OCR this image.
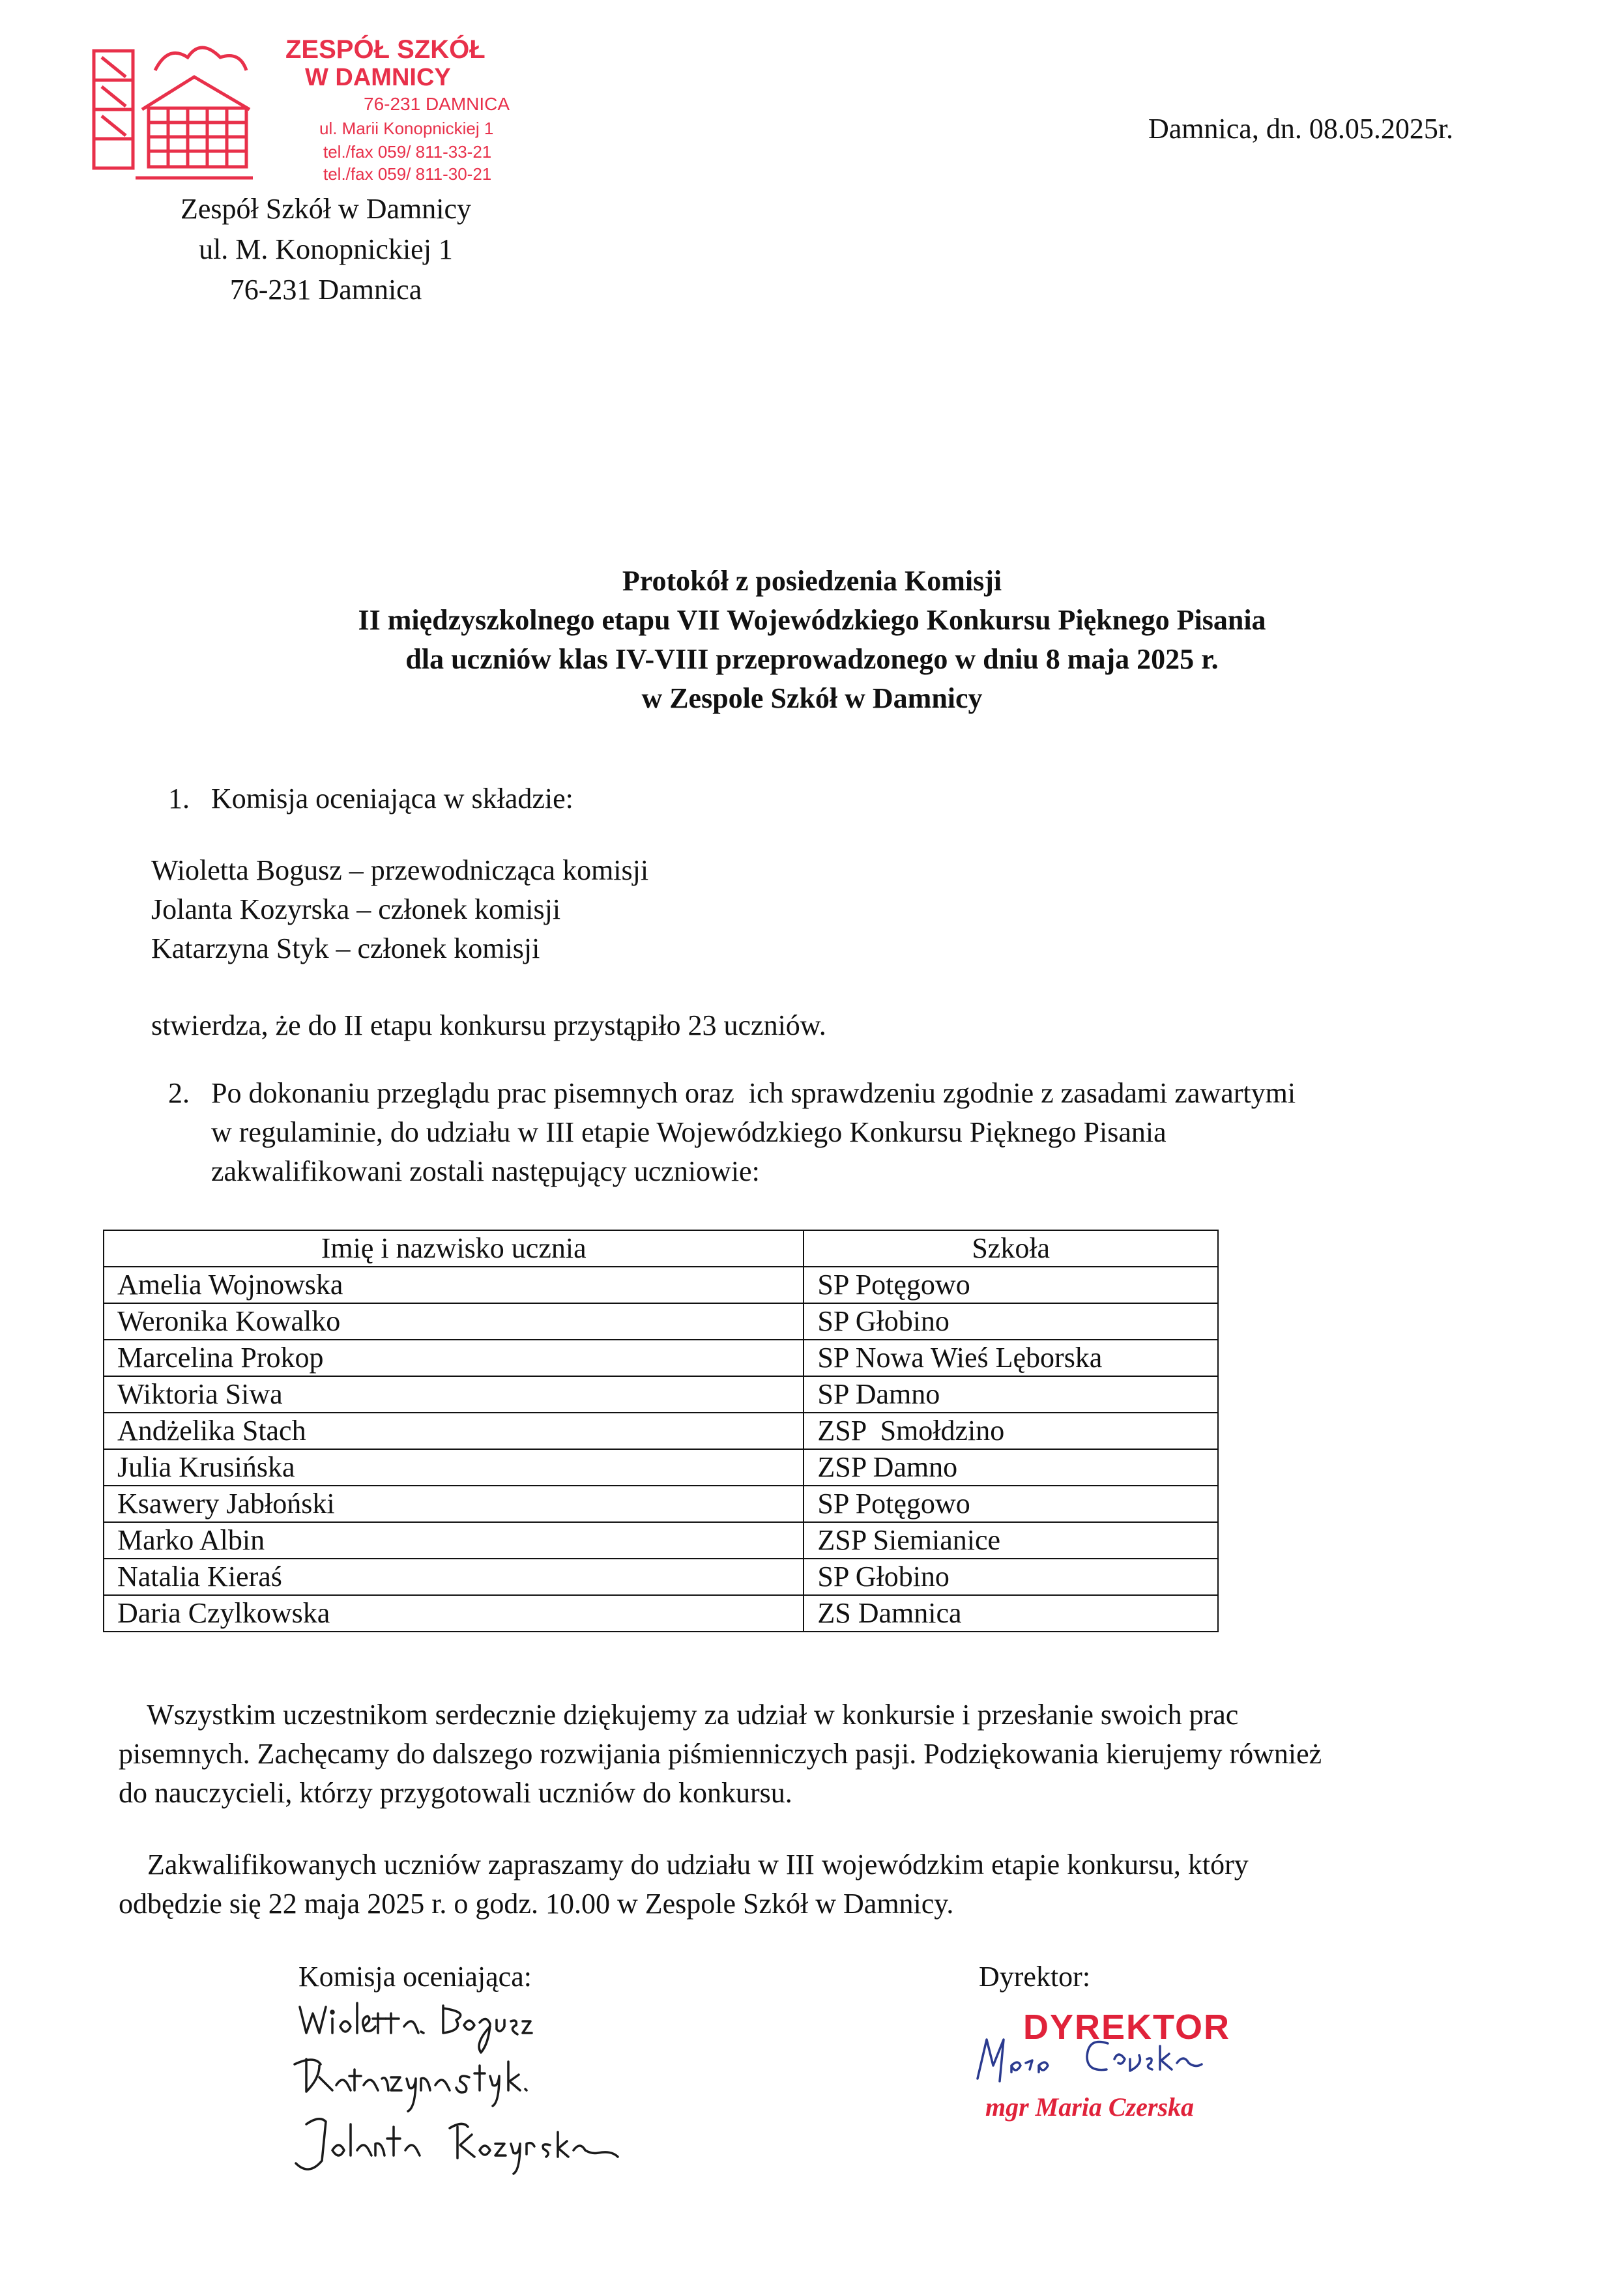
ZESPÓŁ SZKÓŁ
W DAMNICY
76-231 DAMNICA
ul. Marii Konopnickiej 1
tel./fax 059/ 811-33-21
tel./fax 059/ 811-30-21
Zespół Szkół w Damnicy
ul. M. Konopnickiej 1
76-231 Damnica
Damnica, dn. 08.05.2025r.
Protokół z posiedzenia Komisji
II międzyszkolnego etapu VII Wojewódzkiego Konkursu Pięknego Pisania
dla uczniów klas IV-VIII przeprowadzonego w dniu 8 maja 2025 r.
w Zespole Szkół w Damnicy
1.   Komisja oceniająca w składzie:
Wioletta Bogusz – przewodnicząca komisji
Jolanta Kozyrska – członek komisji
Katarzyna Styk – członek komisji
stwierdza, że do II etapu konkursu przystąpiło 23 uczniów.
2.   Po dokonaniu przeglądu prac pisemnych oraz  ich sprawdzeniu zgodnie z zasadami zawartymi
w regulaminie, do udziału w III etapie Wojewódzkiego Konkursu Pięknego Pisania
zakwalifikowani zostali następujący uczniowie:
Imię i nazwisko ucznia	Szkoła
Amelia Wojnowska	SP Potęgowo
Weronika Kowalko	SP Głobino
Marcelina Prokop	SP Nowa Wieś Lęborska
Wiktoria Siwa	SP Damno
Andżelika Stach	ZSP  Smołdzino
Julia Krusińska	ZSP Damno
Ksawery Jabłoński	SP Potęgowo
Marko Albin	ZSP Siemianice
Natalia Kieraś	SP Głobino
Daria Czylkowska	ZS Damnica
Wszystkim uczestnikom serdecznie dziękujemy za udział w konkursie i przesłanie swoich prac
pisemnych. Zachęcamy do dalszego rozwijania piśmienniczych pasji. Podziękowania kierujemy również
do nauczycieli, którzy przygotowali uczniów do konkursu.
Zakwalifikowanych uczniów zapraszamy do udziału w III wojewódzkim etapie konkursu, który
odbędzie się 22 maja 2025 r. o godz. 10.00 w Zespole Szkół w Damnicy.
Komisja oceniająca:	Dyrektor:
DYREKTOR
mgr Maria Czerska
